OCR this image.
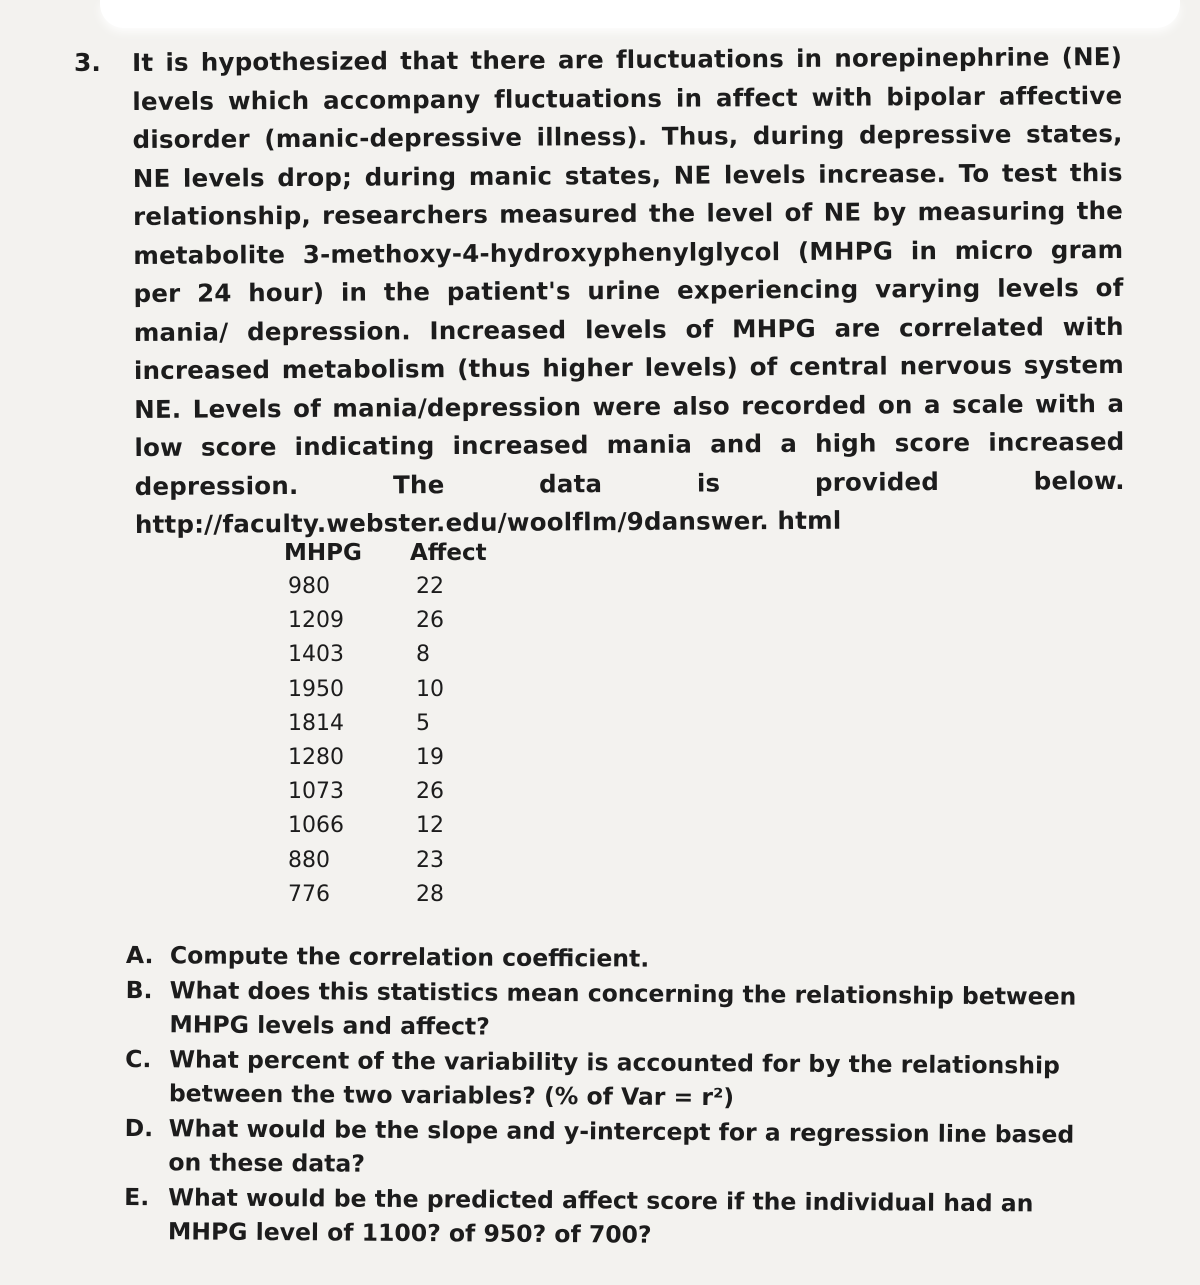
3. It is hypothesized that there are fluctuations in norepinephrine (NE) levels which accompany fluctuations in affect with bipolar affective disorder (manic-depressive illness). Thus, during depressive states, NE levels drop; during manic states, NE levels increase. To test this relationship, researchers measured the level of NE by measuring the metabolite 3-methoxy-4-hydroxyphenylglycol (MHPG in micro gram per 24 hour) in the patient's urine experiencing varying levels of mania/ depression. Increased levels of MHPG are correlated with increased metabolism (thus higher levels) of central nervous system NE. Levels of mania/depression were also recorded on a scale with a low score indicating increased mania and a high score increased depression. The data is provided below. http://faculty.webster.edu/woolflm/9danswer. html
MHPG	Affect
980	22
1209	26
1403	8
1950	10
1814	5
1280	19
1073	26
1066	12
880	23
776	28
A. Compute the correlation coefficient.
B. What does this statistics mean concerning the relationship between MHPG levels and affect?
C. What percent of the variability is accounted for by the relationship between the two variables? (% of Var = r²)
D. What would be the slope and y-intercept for a regression line based on these data?
E. What would be the predicted affect score if the individual had an MHPG level of 1100? of 950? of 700?
